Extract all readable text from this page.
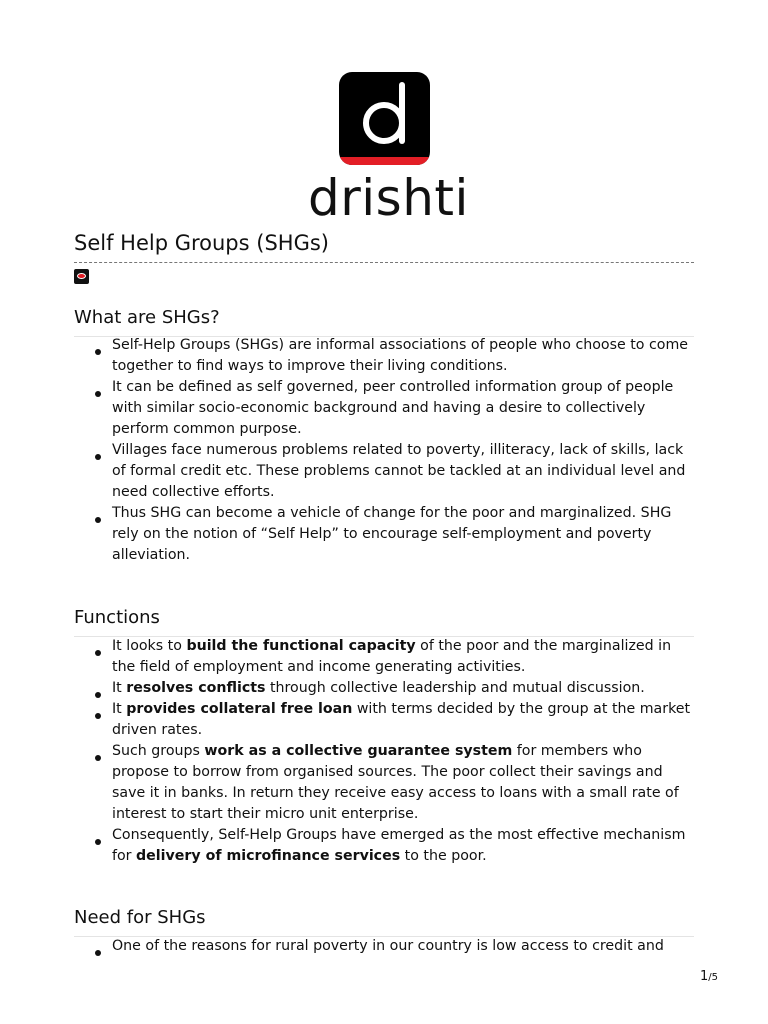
drishti
Self Help Groups (SHGs)
What are SHGs?
Self-Help Groups (SHGs) are informal associations of people who choose to come together to find ways to improve their living conditions.
It can be defined as self governed, peer controlled information group of people with similar socio-economic background and having a desire to collectively perform common purpose.
Villages face numerous problems related to poverty, illiteracy, lack of skills, lack of formal credit etc. These problems cannot be tackled at an individual level and need collective efforts.
Thus SHG can become a vehicle of change for the poor and marginalized. SHG rely on the notion of “Self Help” to encourage self-employment and poverty alleviation.
Functions
It looks to build the functional capacity of the poor and the marginalized in the field of employment and income generating activities.
It resolves conflicts through collective leadership and mutual discussion.
It provides collateral free loan with terms decided by the group at the market driven rates.
Such groups work as a collective guarantee system for members who propose to borrow from organised sources. The poor collect their savings and save it in banks. In return they receive easy access to loans with a small rate of interest to start their micro unit enterprise.
Consequently, Self-Help Groups have emerged as the most effective mechanism for delivery of microfinance services to the poor.
Need for SHGs
One of the reasons for rural poverty in our country is low access to credit and
1/5
